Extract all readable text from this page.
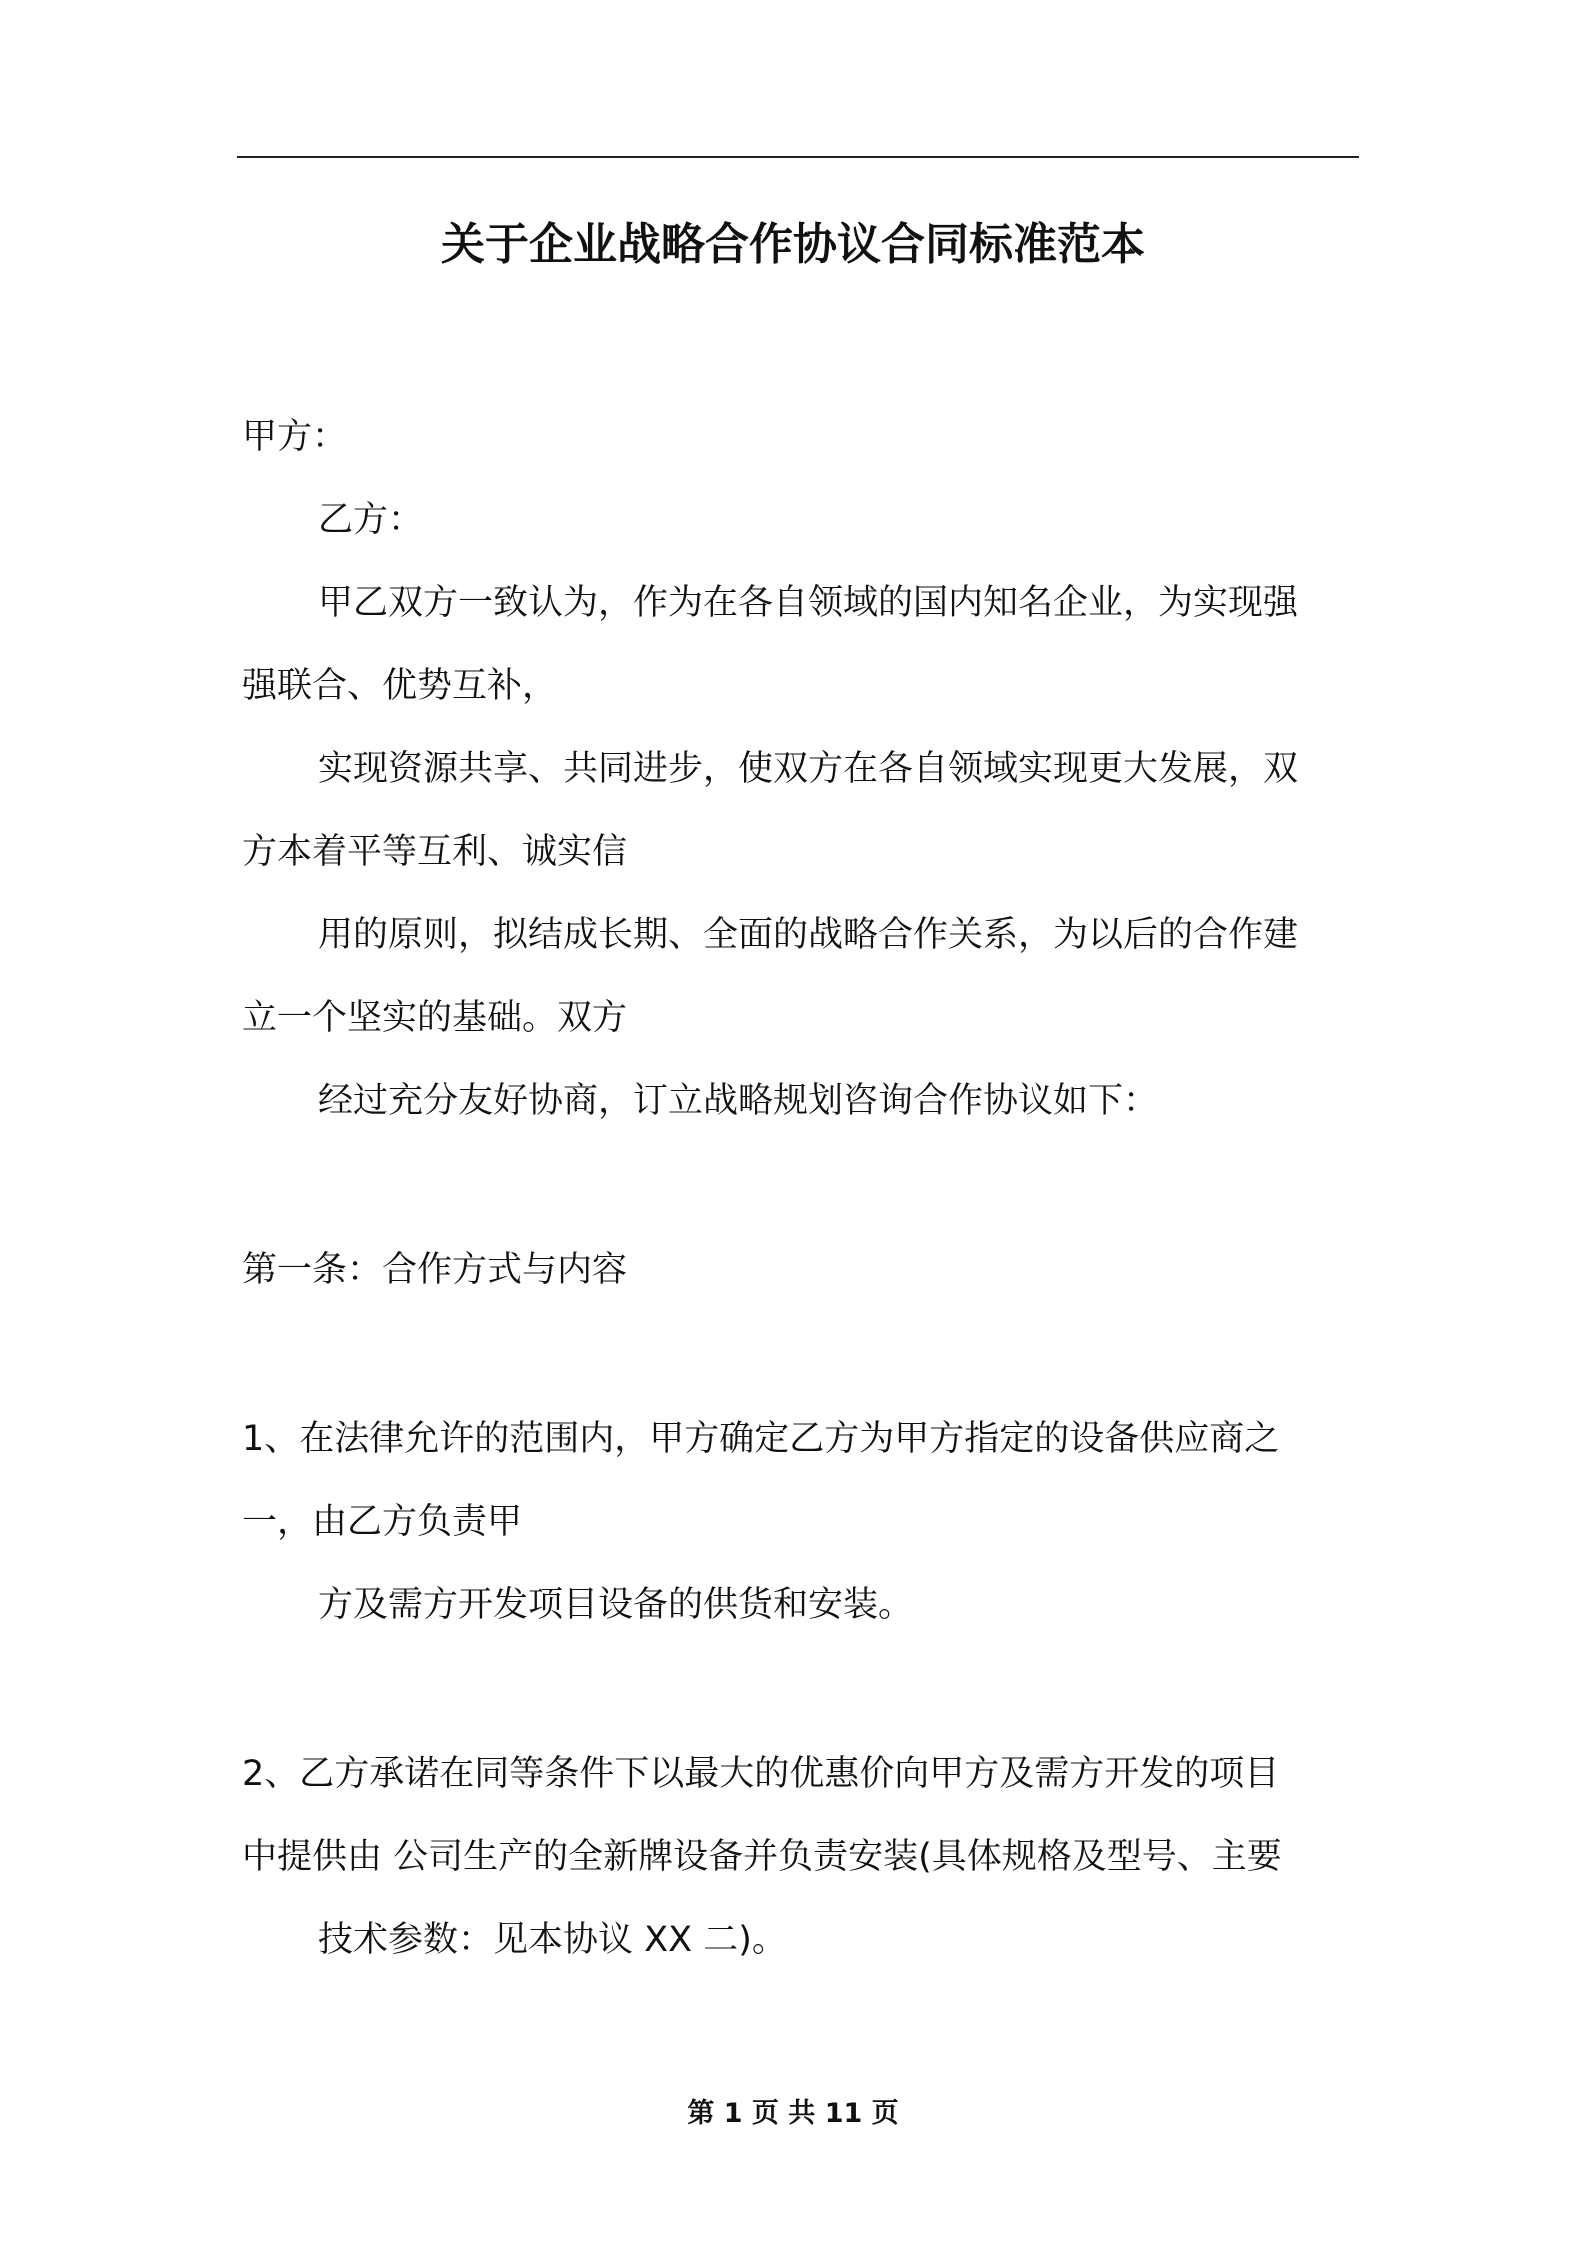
关于企业战略合作协议合同标准范本
甲方：
乙方：
甲乙双方一致认为，作为在各自领域的国内知名企业，为实现强
强联合、优势互补，
实现资源共享、共同进步，使双方在各自领域实现更大发展，双
方本着平等互利、诚实信
用的原则，拟结成长期、全面的战略合作关系，为以后的合作建
立一个坚实的基础。双方
经过充分友好协商，订立战略规划咨询合作协议如下：
第一条：合作方式与内容
1、在法律允许的范围内，甲方确定乙方为甲方指定的设备供应商之
一，由乙方负责甲
方及需方开发项目设备的供货和安装。
2、乙方承诺在同等条件下以最大的优惠价向甲方及需方开发的项目
中提供由 公司生产的全新牌设备并负责安装(具体规格及型号、主要
技术参数：见本协议 XX 二)。
第 1 页 共 11 页
